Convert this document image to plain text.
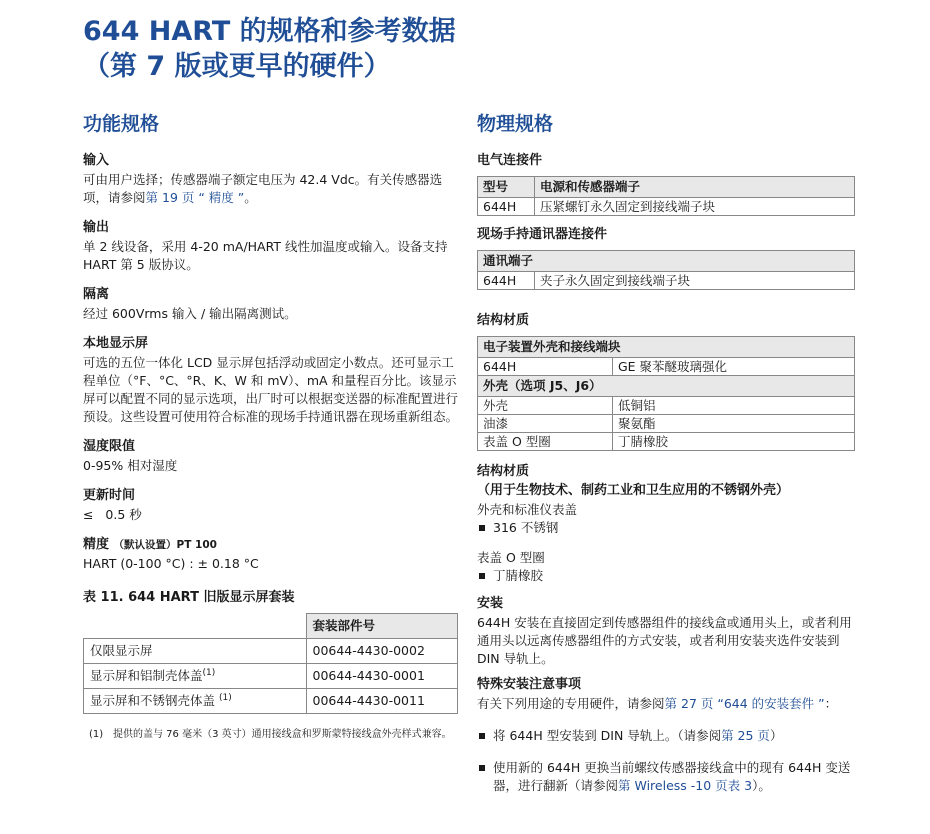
644 HART 的规格和参考数据
（第 7 版或更早的硬件）
功能规格
输入

可由用户选择；传感器端子额定电压为 42.4 Vdc。有关传感器选项，请参阅第 19 页 “ 精度 ”。

输出

单 2 线设备，采用 4-20 mA/HART 线性加温度或输入。设备支持 HART 第 5 版协议。

隔离

经过 600Vrms 输入 / 输出隔离测试。

本地显示屏

可选的五位一体化 LCD 显示屏包括浮动或固定小数点。还可显示工程单位（°F、°C、°R、K、W 和 mV）、mA 和量程百分比。该显示屏可以配置不同的显示选项，出厂时可以根据变送器的标准配置进行预设。这些设置可使用符合标准的现场手持通讯器在现场重新组态。

湿度限值

0-95% 相对湿度

更新时间

≤   0.5 秒

精度 （默认设置）PT 100

HART (0-100 °C) : ± 0.18 °C

表 11. 644 HART 旧版显示屏套装
	套装部件号
仅限显示屏	00644-4430-0002
显示屏和铝制壳体盖$^{(1)}$	00644-4430-0001
显示屏和不锈钢壳体盖 $^{(1)}$	00644-4430-0011
(1) 提供的盖与 76 毫米（3 英寸）通用接线盒和罗斯蒙特接线盒外壳样式兼容。
物理规格
电气连接件
型号	电源和传感器端子
644H	压紧螺钉永久固定到接线端子块
现场手持通讯器连接件
通讯端子
644H	夹子永久固定到接线端子块
结构材质
电子装置外壳和接线端块	
644H	GE 聚苯醚玻璃强化
外壳（选项 J5、J6）	
外壳	低铜铝
油漆	聚氨酯
表盖 O 型圈	丁腈橡胶
结构材质
（用于生物技术、制药工业和卫生应用的不锈钢外壳）

外壳和标准仪表盖

316 不锈钢

表盖 O 型圈

丁腈橡胶
安装

644H 安装在直接固定到传感器组件的接线盒或通用头上，或者利用通用头以远离传感器组件的方式安装，或者利用安装夹选件安装到 DIN 导轨上。

特殊安装注意事项

有关下列用途的专用硬件，请参阅第 27 页 “644 的安装套件 ”：

将 644H 型安装到 DIN 导轨上。（请参阅第 25 页）
使用新的 644H 更换当前螺纹传感器接线盒中的现有 644H 变送器，进行翻新（请参阅第 Wireless -10 页表 3）。
